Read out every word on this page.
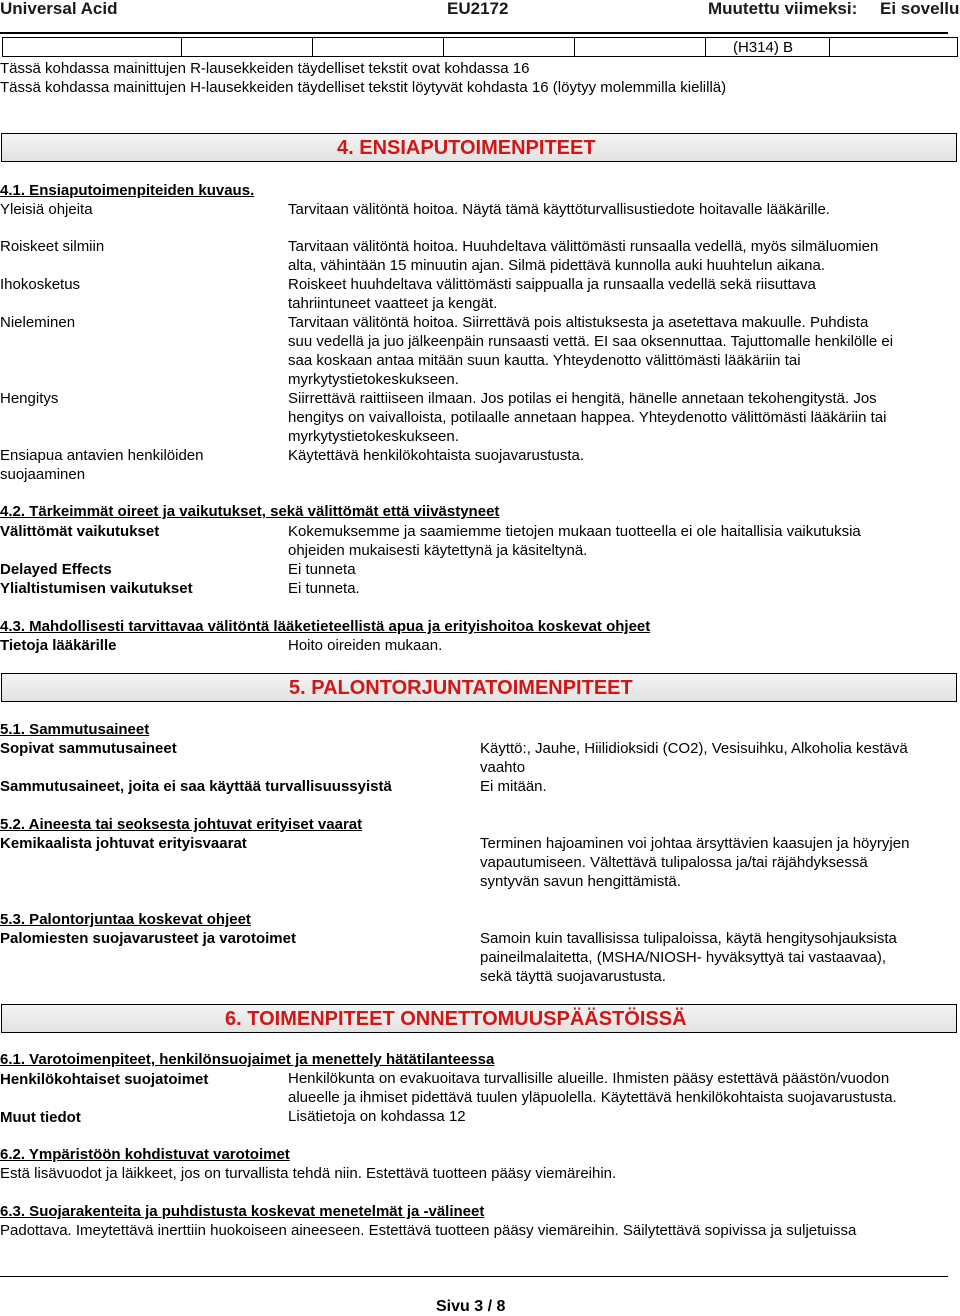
Universal Acid	EU2172	Muutettu viimeksi: Ei sovellu
(H314) B
Tässä kohdassa mainittujen R-lausekkeiden täydelliset tekstit ovat kohdassa 16
Tässä kohdassa mainittujen H-lausekkeiden täydelliset tekstit löytyvät kohdasta 16 (löytyy molemmilla kielillä)
4. ENSIAPUTOIMENPITEET
4.1. Ensiaputoimenpiteiden kuvaus.
Yleisiä ohjeita	Tarvitaan välitöntä hoitoa. Näytä tämä käyttöturvallisustiedote hoitavalle lääkärille.
Roiskeet silmiin	Tarvitaan välitöntä hoitoa. Huuhdeltava välittömästi runsaalla vedellä, myös silmäluomien
alta, vähintään 15 minuutin ajan. Silmä pidettävä kunnolla auki huuhtelun aikana.
Ihokosketus	Roiskeet huuhdeltava välittömästi saippualla ja runsaalla vedellä sekä riisuttava
tahriintuneet vaatteet ja kengät.
Nieleminen	Tarvitaan välitöntä hoitoa. Siirrettävä pois altistuksesta ja asetettava makuulle. Puhdista
suu vedellä ja juo jälkeenpäin runsaasti vettä. EI saa oksennuttaa. Tajuttomalle henkilölle ei
saa koskaan antaa mitään suun kautta. Yhteydenotto välittömästi lääkäriin tai
myrkytystietokeskukseen.
Hengitys	Siirrettävä raittiiseen ilmaan. Jos potilas ei hengitä, hänelle annetaan tekohengitystä. Jos
hengitys on vaivalloista, potilaalle annetaan happea. Yhteydenotto välittömästi lääkäriin tai
myrkytystietokeskukseen.
Ensiapua antavien henkilöiden
suojaaminen
Käytettävä henkilökohtaista suojavarustusta.
4.2. Tärkeimmät oireet ja vaikutukset, sekä välittömät että viivästyneet
Välittömät vaikutukset	Kokemuksemme ja saamiemme tietojen mukaan tuotteella ei ole haitallisia vaikutuksia
ohjeiden mukaisesti käytettynä ja käsiteltynä.
Delayed Effects	Ei tunneta
Ylialtistumisen vaikutukset	Ei tunneta.
4.3. Mahdollisesti tarvittavaa välitöntä lääketieteellistä apua ja erityishoitoa koskevat ohjeet
Tietoja lääkärille	Hoito oireiden mukaan.
5. PALONTORJUNTATOIMENPITEET
5.1. Sammutusaineet
Sopivat sammutusaineet	Käyttö:, Jauhe, Hiilidioksidi (CO2), Vesisuihku, Alkoholia kestävä
vaahto
Sammutusaineet, joita ei saa käyttää turvallisuussyistä	Ei mitään.
5.2. Aineesta tai seoksesta johtuvat erityiset vaarat
Kemikaalista johtuvat erityisvaarat	Terminen hajoaminen voi johtaa ärsyttävien kaasujen ja höyryjen
vapautumiseen. Vältettävä tulipalossa ja/tai räjähdyksessä
syntyvän savun hengittämistä.
5.3. Palontorjuntaa koskevat ohjeet
Palomiesten suojavarusteet ja varotoimet	Samoin kuin tavallisissa tulipaloissa, käytä hengitysohjauksista
paineilmalaitetta, (MSHA/NIOSH- hyväksyttyä tai vastaavaa),
sekä täyttä suojavarustusta.
6. TOIMENPITEET ONNETTOMUUSPÄÄSTÖISSÄ
6.1. Varotoimenpiteet, henkilönsuojaimet ja menettely hätätilanteessa
Henkilökohtaiset suojatoimet	Henkilökunta on evakuoitava turvallisille alueille. Ihmisten pääsy estettävä päästön/vuodon
alueelle ja ihmiset pidettävä tuulen yläpuolella. Käytettävä henkilökohtaista suojavarustusta.
Muut tiedot	Lisätietoja on kohdassa 12
6.2. Ympäristöön kohdistuvat varotoimet
Estä lisävuodot ja läikkeet, jos on turvallista tehdä niin. Estettävä tuotteen pääsy viemäreihin.
6.3. Suojarakenteita ja puhdistusta koskevat menetelmät ja -välineet
Padottava. Imeytettävä inerttiin huokoiseen aineeseen. Estettävä tuotteen pääsy viemäreihin. Säilytettävä sopivissa ja suljetuissa
Sivu 3 / 8
